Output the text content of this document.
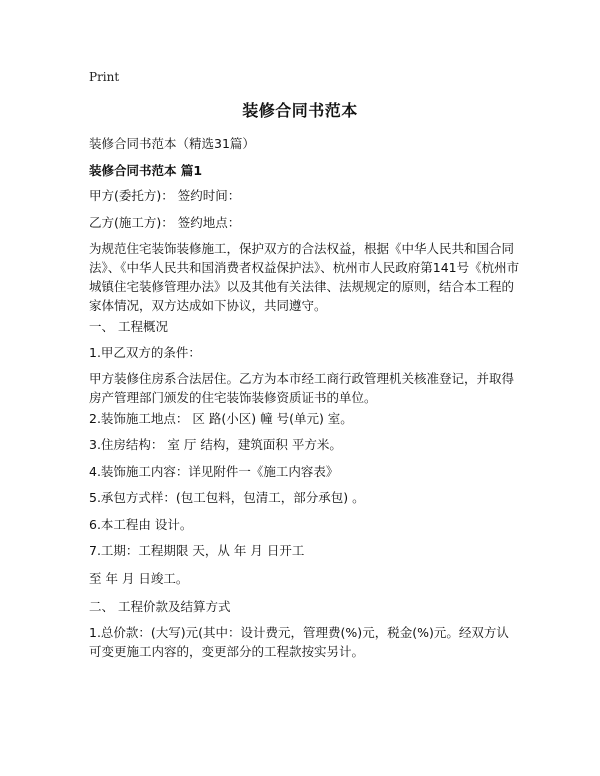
Print
装修合同书范本
装修合同书范本（精选31篇）
装修合同书范本 篇1
甲方(委托方)： 签约时间：
乙方(施工方)： 签约地点：
为规范住宅装饰装修施工，保护双方的合法权益，根据《中华人民共和国合同法》、《中华人民共和国消费者权益保护法》、杭州市人民政府第141号《杭州市城镇住宅装修管理办法》以及其他有关法律、法规规定的原则，结合本工程的家体情况，双方达成如下协议，共同遵守。
一、 工程概况
1.甲乙双方的条件：
甲方装修住房系合法居住。乙方为本市经工商行政管理机关核准登记，并取得房产管理部门颁发的住宅装饰装修资质证书的单位。
2.装饰施工地点： 区 路(小区) 幢 号(单元) 室。
3.住房结构： 室 厅 结构，建筑面积 平方米。
4.装饰施工内容：详见附件一《施工内容表》
5.承包方式样：(包工包料，包清工，部分承包) 。
6.本工程由 设计。
7.工期：工程期限 天，从 年 月 日开工
至 年 月 日竣工。
二、 工程价款及结算方式
1.总价款：(大写)元(其中：设计费元，管理费(%)元，税金(%)元。经双方认可变更施工内容的，变更部分的工程款按实另计。
